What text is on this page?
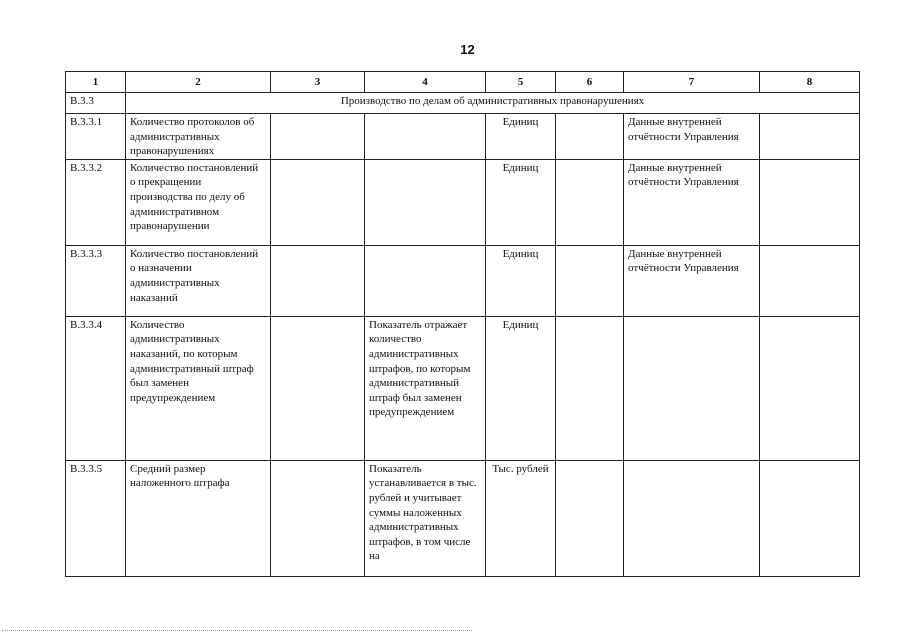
12
1	2	3	4	5	6	7	8
В.3.3	Производство по делам об административных правонарушениях						
В.3.3.1	Количество протоколов об административных правонарушениях			Единиц		Данные внутренней отчётности Управления	
В.3.3.2	Количество постановлений о прекращении производства по делу об административном правонарушении			Единиц		Данные внутренней отчётности Управления	
В.3.3.3	Количество постановлений о назначении административных наказаний			Единиц		Данные внутренней отчётности Управления	
В.3.3.4	Количество административных наказаний, по которым административный штраф был заменен предупреждением		Показатель отражает количество административных штрафов, по которым административный штраф был заменен предупреждением	Единиц			
В.3.3.5	Средний размер наложенного штрафа		Показатель устанавливается в тыс. рублей и учитывает суммы наложенных административных штрафов, в том числе на	Тыс. рублей			
